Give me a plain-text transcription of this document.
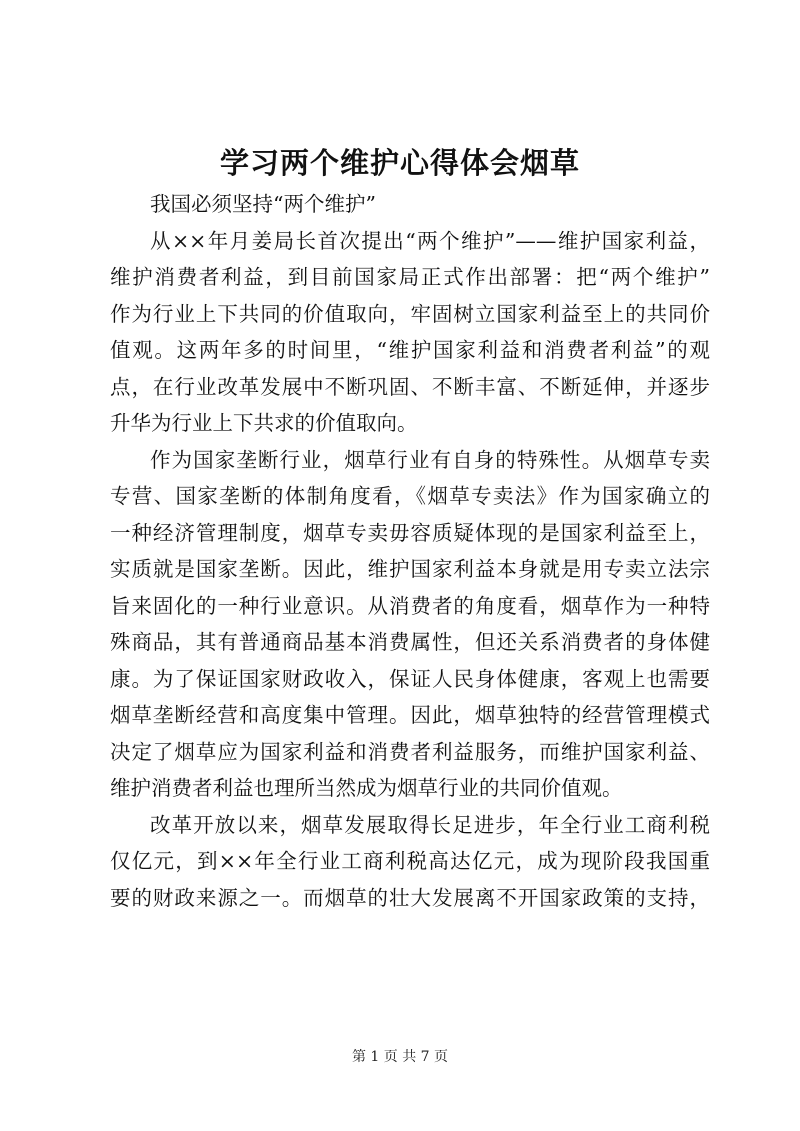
学习两个维护心得体会烟草
我国必须坚持“两个维护”
从××年月姜局长首次提出“两个维护”——维护国家利益，
维护消费者利益，到目前国家局正式作出部署：把“两个维护”
作为行业上下共同的价值取向，牢固树立国家利益至上的共同价
值观。这两年多的时间里，“维护国家利益和消费者利益”的观
点，在行业改革发展中不断巩固、不断丰富、不断延伸，并逐步
升华为行业上下共求的价值取向。
作为国家垄断行业，烟草行业有自身的特殊性。从烟草专卖
专营、国家垄断的体制角度看，《烟草专卖法》作为国家确立的
一种经济管理制度，烟草专卖毋容质疑体现的是国家利益至上，
实质就是国家垄断。因此，维护国家利益本身就是用专卖立法宗
旨来固化的一种行业意识。从消费者的角度看，烟草作为一种特
殊商品，其有普通商品基本消费属性，但还关系消费者的身体健
康。为了保证国家财政收入，保证人民身体健康，客观上也需要
烟草垄断经营和高度集中管理。因此，烟草独特的经营管理模式
决定了烟草应为国家利益和消费者利益服务，而维护国家利益、
维护消费者利益也理所当然成为烟草行业的共同价值观。
改革开放以来，烟草发展取得长足进步，年全行业工商利税
仅亿元，到××年全行业工商利税高达亿元，成为现阶段我国重
要的财政来源之一。而烟草的壮大发展离不开国家政策的支持，
第 1 页 共 7 页
